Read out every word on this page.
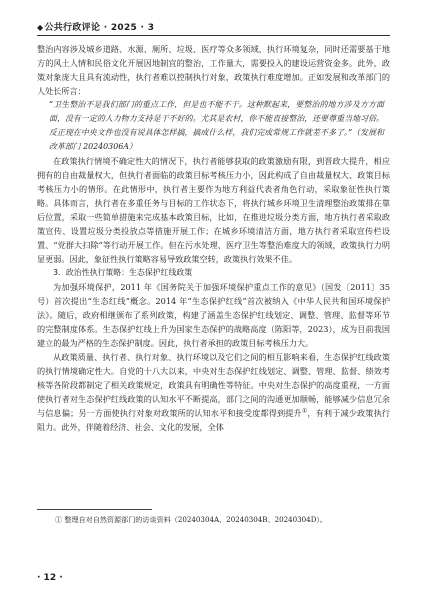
◆公共行政评论 · 2025 · 3

整治内容涉及城乡道路、水源、厕所、垃圾、医疗等众多领域，执行环境复杂，同时还需要基于地方的风土人情和民俗文化开展因地制宜的整治，工作量大，需要投入的建设运营资金多。此外，政策对象庞大且具有流动性，执行者难以控制执行对象，政策执行难度增加。正如发展和改革部门的人处长所言：

“卫生整治不是我们部门的重点工作，但是也不能不干。这种默起来，要整治的地方涉及方方面面，没有一定的人力物力支持是干不好的。尤其是农村，你不能直接整治，还要尊重当地习俗。反正现在中央文件也没有说具体怎样搞，搞成什么样，我们完成常规工作就差不多了。”（发展和改革部门 20240306A）

在政策执行情境不确定性大的情况下，执行者能够获取的政策激励有限，到晋政大提升，相应拥有的自由裁量权大，但执行者面临的政策目标考核压力小，因此构成了自由裁量权大、政策目标考核压力小的情形。在此情形中，执行者主要作为地方利益代表者角色行动，采取象征性执行策略。具体而言，执行者在多重任务与目标的工作状态下，将执行城乡环境卫生清理整治政策排在靠后位置，采取一些简单措施来完成基本政策目标，比如，在推进垃圾分类方面，地方执行者采取政策宣传、设置垃圾分类投放点等措施开展工作；在城乡环境清洁方面，地方执行者采取宣传栏设置、“党群大扫除”等行动开展工作。但在污水处理、医疗卫生等整治难度大的领域，政策执行力明显更弱。因此，象征性执行策略容易导致政策空转，政策执行效果不佳。

3．政治性执行策略：生态保护红线政策

为加强环境保护，2011 年《国务院关于加强环境保护重点工作的意见》（国发〔2011〕35 号）首次提出“生态红线”概念。2014 年“生态保护红线”首次被纳入《中华人民共和国环境保护法》。随后，政府相继颁布了系列政策，构建了涵盖生态保护红线划定、调整、管理、监督等环节的完整制度体系。生态保护红线上升为国家生态保护的战略高度（陈阳等，2023），成为目前我国建立的最为严格的生态保护制度。因此，执行者承担的政策目标考核压力大。

从政策质量、执行者、执行对象、执行环境以及它们之间的相互影响来看，生态保护红线政策的执行情境确定性大。自党的十八大以来，中央对生态保护红线划定、调整、管理、监督、绩效考核等各阶段都制定了相关政策规定，政策具有明确性等特征。中央对生态保护的高度重视，一方面使执行者对生态保护红线政策的认知水平不断提高，部门之间的沟通更加顺畅，能够减少信息冗余与信息偏；另一方面使执行对象对政策所的认知水平和接受度都得到提升①，有利于减少政策执行阻力。此外，伴随着经济、社会、文化的发展，全体

① 整理自对自然资源部门的访谈资料（20240304A、20240304B、20240304D）。
· 12 ·
